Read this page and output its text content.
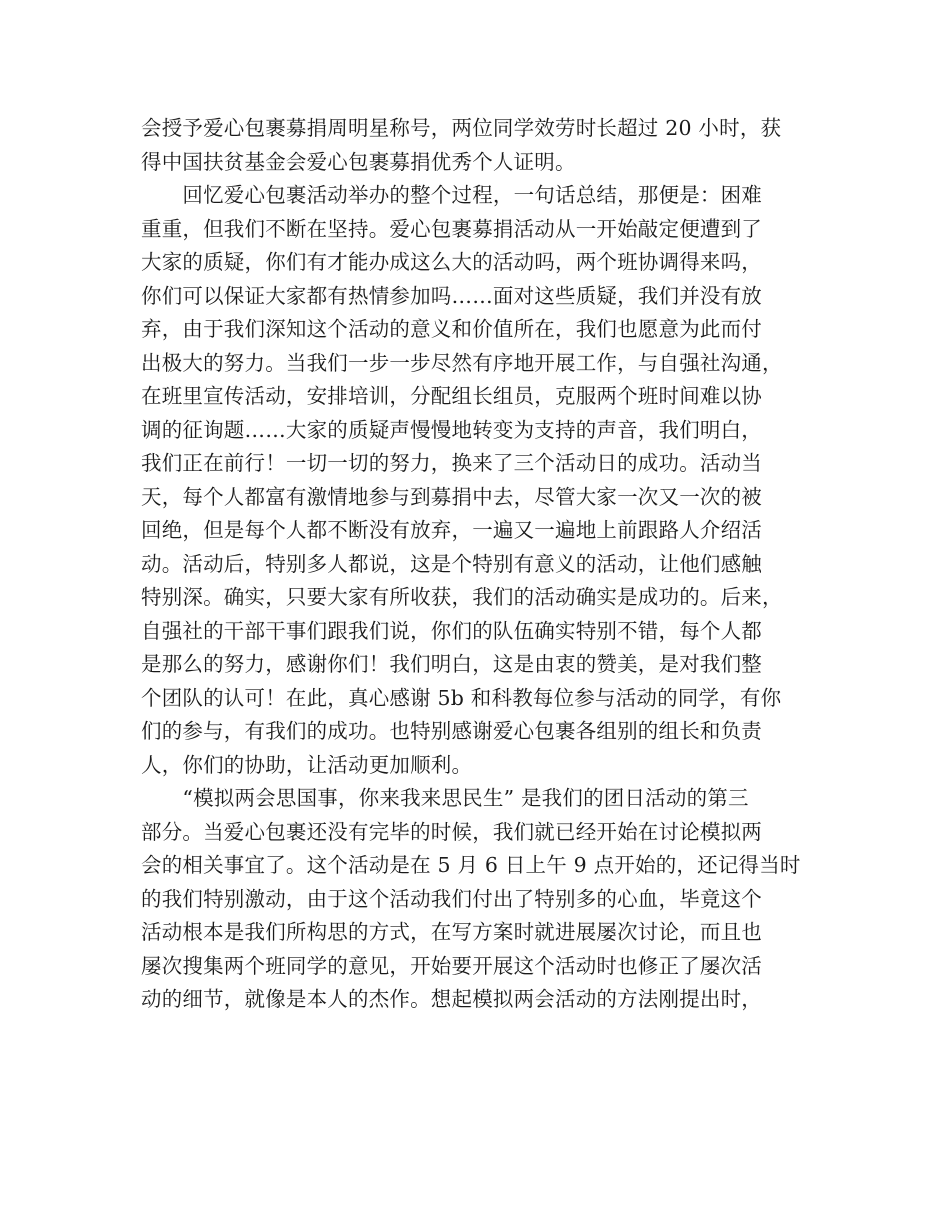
会授予爱心包裹募捐周明星称号，两位同学效劳时长超过 20 小时，获
得中国扶贫基金会爱心包裹募捐优秀个人证明。
　　回忆爱心包裹活动举办的整个过程，一句话总结，那便是：困难
重重，但我们不断在坚持。爱心包裹募捐活动从一开始敲定便遭到了
大家的质疑，你们有才能办成这么大的活动吗，两个班协调得来吗，
你们可以保证大家都有热情参加吗……面对这些质疑，我们并没有放
弃，由于我们深知这个活动的意义和价值所在，我们也愿意为此而付
出极大的努力。当我们一步一步尽然有序地开展工作，与自强社沟通，
在班里宣传活动，安排培训，分配组长组员，克服两个班时间难以协
调的征询题……大家的质疑声慢慢地转变为支持的声音，我们明白，
我们正在前行！一切一切的努力，换来了三个活动日的成功。活动当
天，每个人都富有激情地参与到募捐中去，尽管大家一次又一次的被
回绝，但是每个人都不断没有放弃，一遍又一遍地上前跟路人介绍活
动。活动后，特别多人都说，这是个特别有意义的活动，让他们感触
特别深。确实，只要大家有所收获，我们的活动确实是成功的。后来，
自强社的干部干事们跟我们说，你们的队伍确实特别不错，每个人都
是那么的努力，感谢你们！我们明白，这是由衷的赞美，是对我们整
个团队的认可！在此，真心感谢 5b 和科教每位参与活动的同学，有你
们的参与，有我们的成功。也特别感谢爱心包裹各组别的组长和负责
人，你们的协助，让活动更加顺利。
　　“模拟两会思国事，你来我来思民生” 是我们的团日活动的第三
部分。当爱心包裹还没有完毕的时候，我们就已经开始在讨论模拟两
会的相关事宜了。这个活动是在 5 月 6 日上午 9 点开始的，还记得当时
的我们特别激动，由于这个活动我们付出了特别多的心血，毕竟这个
活动根本是我们所构思的方式，在写方案时就进展屡次讨论，而且也
屡次搜集两个班同学的意见，开始要开展这个活动时也修正了屡次活
动的细节，就像是本人的杰作。想起模拟两会活动的方法刚提出时，
